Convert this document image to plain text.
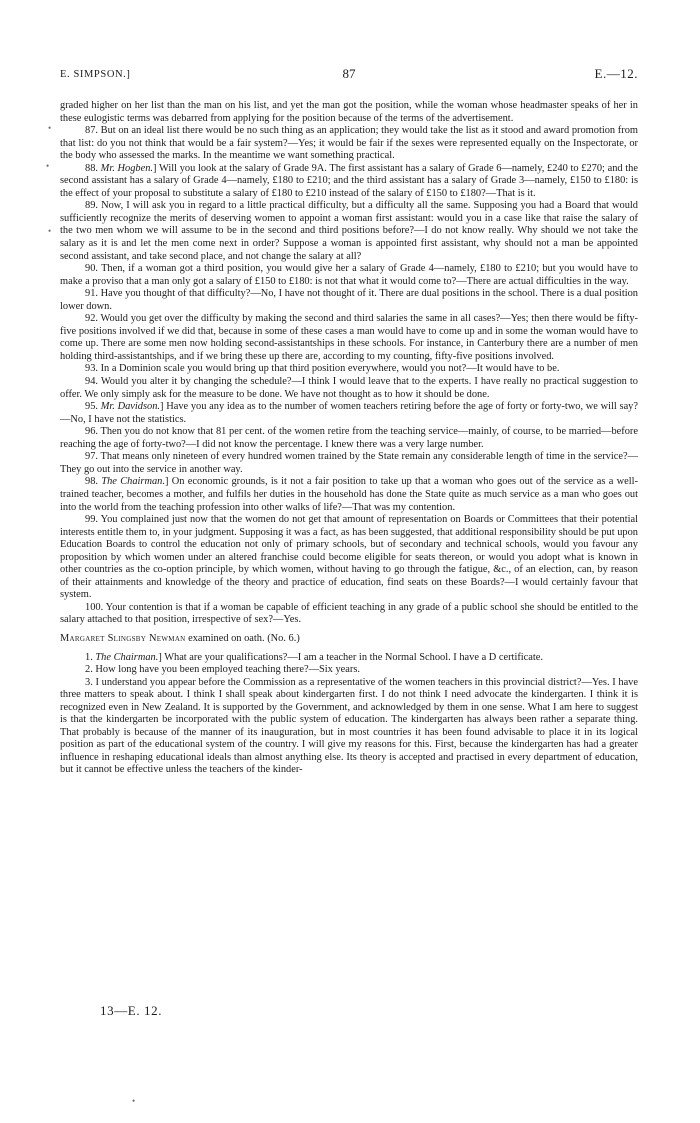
E. SIMPSON.]	87	E.—12.
•
•
•

graded higher on her list than the man on his list, and yet the man got the position, while the woman whose headmaster speaks of her in these eulogistic terms was debarred from applying for the position because of the terms of the advertisement.

87. But on an ideal list there would be no such thing as an application; they would take the list as it stood and award promotion from that list: do you not think that would be a fair system?—Yes; it would be fair if the sexes were represented equally on the Inspectorate, or the body who assessed the marks. In the meantime we want something practical.

88. Mr. Hogben.] Will you look at the salary of Grade 9A. The first assistant has a salary of Grade 6—namely, £240 to £270; and the second assistant has a salary of Grade 4—namely, £180 to £210; and the third assistant has a salary of Grade 3—namely, £150 to £180: is the effect of your proposal to substitute a salary of £180 to £210 instead of the salary of £150 to £180?—That is it.

89. Now, I will ask you in regard to a little practical difficulty, but a difficulty all the same. Supposing you had a Board that would sufficiently recognize the merits of deserving women to appoint a woman first assistant: would you in a case like that raise the salary of the two men whom we will assume to be in the second and third positions before?—I do not know really. Why should we not take the salary as it is and let the men come next in order? Suppose a woman is appointed first assistant, why should not a man be appointed second assistant, and take second place, and not change the salary at all?

90. Then, if a woman got a third position, you would give her a salary of Grade 4—namely, £180 to £210; but you would have to make a proviso that a man only got a salary of £150 to £180: is not that what it would come to?—There are actual difficulties in the way.

91. Have you thought of that difficulty?—No, I have not thought of it. There are dual positions in the school. There is a dual position lower down.

92. Would you get over the difficulty by making the second and third salaries the same in all cases?—Yes; then there would be fifty-five positions involved if we did that, because in some of these cases a man would have to come up and in some the woman would have to come up. There are some men now holding second-assistantships in these schools. For instance, in Canterbury there are a number of men holding third-assistantships, and if we bring these up there are, according to my counting, fifty-five positions involved.

93. In a Dominion scale you would bring up that third position everywhere, would you not?—It would have to be.

94. Would you alter it by changing the schedule?—I think I would leave that to the experts. I have really no practical suggestion to offer. We only simply ask for the measure to be done. We have not thought as to how it should be done.

95. Mr. Davidson.] Have you any idea as to the number of women teachers retiring before the age of forty or forty-two, we will say?—No, I have not the statistics.

96. Then you do not know that 81 per cent. of the women retire from the teaching service—mainly, of course, to be married—before reaching the age of forty-two?—I did not know the percentage. I knew there was a very large number.

97. That means only nineteen of every hundred women trained by the State remain any considerable length of time in the service?—They go out into the service in another way.

98. The Chairman.] On economic grounds, is it not a fair position to take up that a woman who goes out of the service as a well-trained teacher, becomes a mother, and fulfils her duties in the household has done the State quite as much service as a man who goes out into the world from the teaching profession into other walks of life?—That was my contention.

99. You complained just now that the women do not get that amount of representation on Boards or Committees that their potential interests entitle them to, in your judgment. Supposing it was a fact, as has been suggested, that additional responsibility should be put upon Education Boards to control the education not only of primary schools, but of secondary and technical schools, would you favour any proposition by which women under an altered franchise could become eligible for seats thereon, or would you adopt what is known in other countries as the co-option principle, by which women, without having to go through the fatigue, &c., of an election, can, by reason of their attainments and knowledge of the theory and practice of education, find seats on these Boards?—I would certainly favour that system.

100. Your contention is that if a woman be capable of efficient teaching in any grade of a public school she should be entitled to the salary attached to that position, irrespective of sex?—Yes.

Margaret Slingsby Newman examined on oath. (No. 6.)

1. The Chairman.] What are your qualifications?—I am a teacher in the Normal School. I have a D certificate.

2. How long have you been employed teaching there?—Six years.

3. I understand you appear before the Commission as a representative of the women teachers in this provincial district?—Yes. I have three matters to speak about. I think I shall speak about kindergarten first. I do not think I need advocate the kindergarten. I think it is recognized even in New Zealand. It is supported by the Government, and acknowledged by them in one sense. What I am here to suggest is that the kindergarten be incorporated with the public system of education. The kindergarten has always been rather a separate thing. That probably is because of the manner of its inauguration, but in most countries it has been found advisable to place it in its logical position as part of the educational system of the country. I will give my reasons for this. First, because the kindergarten has had a greater influence in reshaping educational ideals than almost anything else. Its theory is accepted and practised in every department of education, but it cannot be effective unless the teachers of the kinder-

13—E. 12.
•
